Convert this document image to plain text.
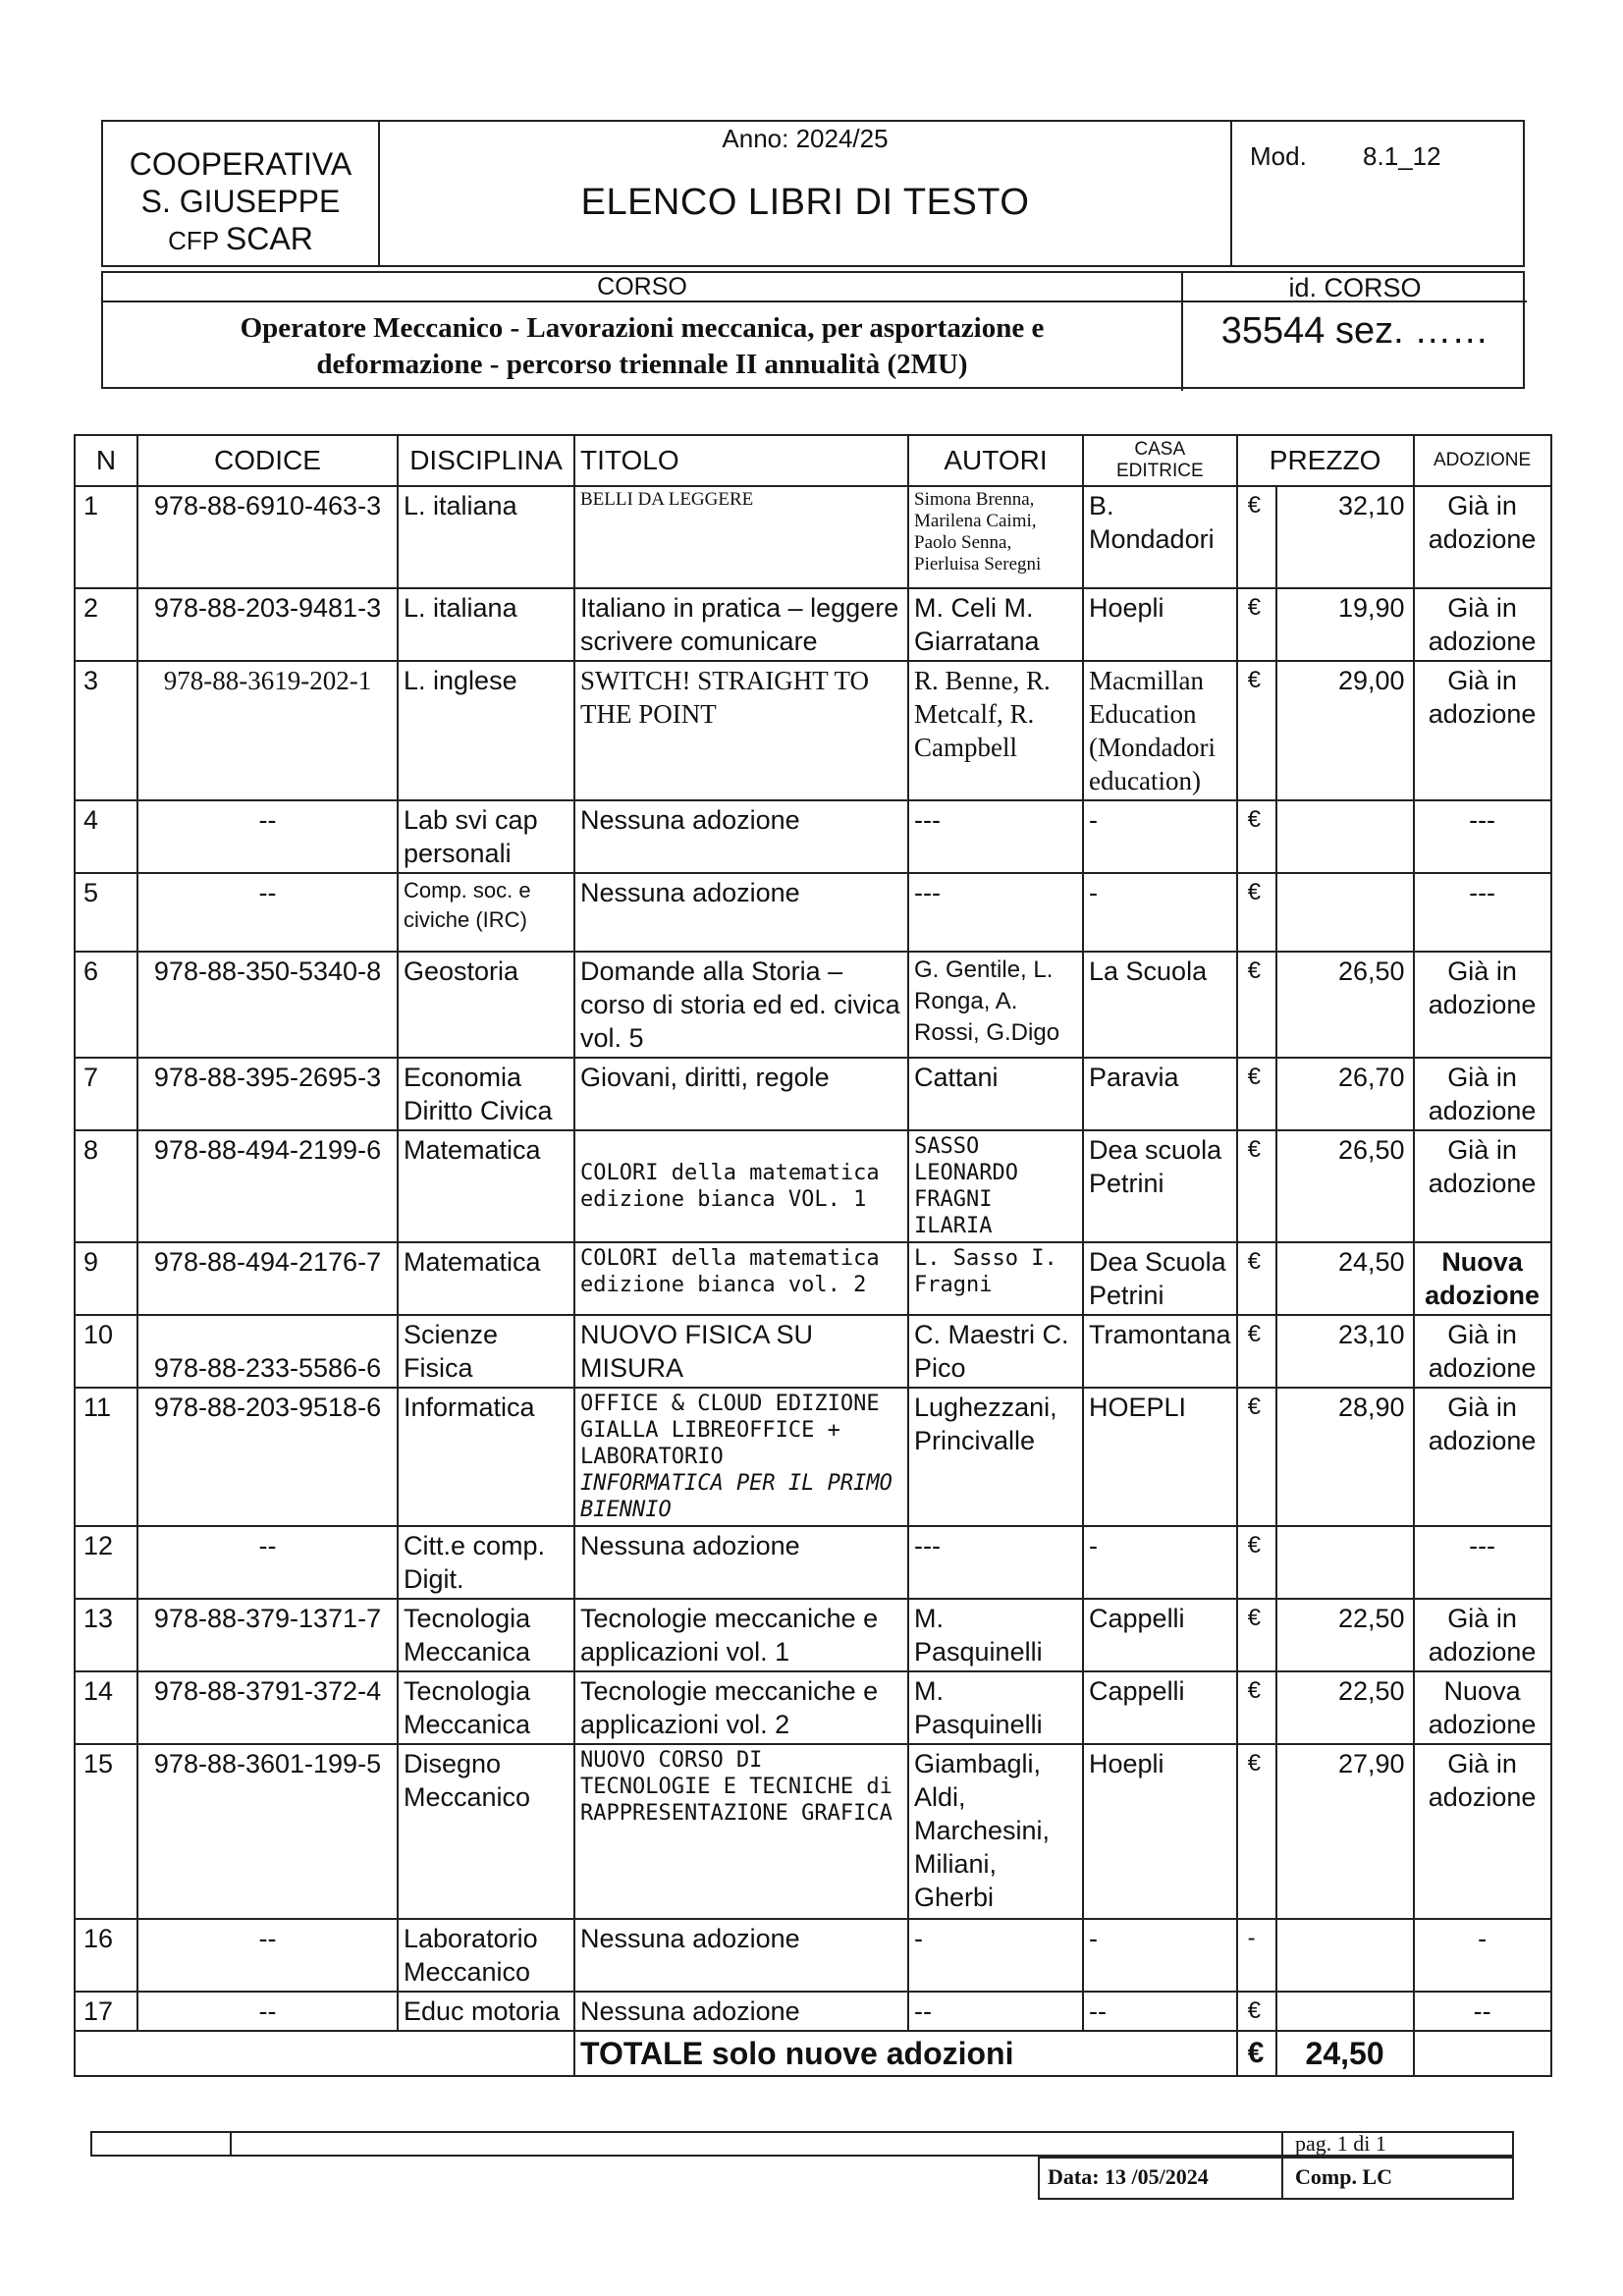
COOPERATIVA
S. GIUSEPPE
CFP SCAR
Anno: 2024/25
ELENCO LIBRI DI TESTO
Mod. 8.1_12
CORSO	id. CORSO
Operatore Meccanico - Lavorazioni meccanica, per asportazione e
deformazione - percorso triennale II annualità (2MU)
35544 sez. ……
N	CODICE	DISCIPLINA	TITOLO	AUTORI	CASA EDITRICE	PREZZO		ADOZIONE
1	978-88-6910-463-3	L. italiana	BELLI DA LEGGERE	Simona Brenna, Marilena Caimi, Paolo Senna, Pierluisa Seregni	B. Mondadori	€	32,10	Già in adozione
2	978-88-203-9481-3	L. italiana	Italiano in pratica – leggere scrivere comunicare	M. Celi M. Giarratana	Hoepli	€	19,90	Già in adozione
3	978-88-3619-202-1	L. inglese	SWITCH! STRAIGHT TO THE POINT	R. Benne, R. Metcalf, R. Campbell	Macmillan Education (Mondadori education)	€	29,00	Già in adozione
4	--	Lab svi cap personali	Nessuna adozione	---	-	€		---
5	--	Comp. soc. e civiche (IRC)	Nessuna adozione	---	-	€		---
6	978-88-350-5340-8	Geostoria	Domande alla Storia – corso di storia ed ed. civica vol. 5	G. Gentile, L. Ronga, A. Rossi, G.Digo	La Scuola	€	26,50	Già in adozione
7	978-88-395-2695-3	Economia Diritto Civica	Giovani, diritti, regole	Cattani	Paravia	€	26,70	Già in adozione
8	978-88-494-2199-6	Matematica	COLORI della matematica edizione bianca VOL. 1	SASSO LEONARDO FRAGNI ILARIA	Dea scuola Petrini	€	26,50	Già in adozione
9	978-88-494-2176-7	Matematica	COLORI della matematica edizione bianca vol. 2	L. Sasso I. Fragni	Dea Scuola Petrini	€	24,50	Nuova adozione
10	978-88-233-5586-6	Scienze Fisica	NUOVO FISICA SU MISURA	C. Maestri C. Pico	Tramontana	€	23,10	Già in adozione
11	978-88-203-9518-6	Informatica	OFFICE & CLOUD EDIZIONE GIALLA LIBREOFFICE + LABORATORIO
INFORMATICA PER IL PRIMO BIENNIO	Lughezzani, Princivalle	HOEPLI	€	28,90	Già in adozione
12	--	Citt.e comp. Digit.	Nessuna adozione	---	-	€		---
13	978-88-379-1371-7	Tecnologia Meccanica	Tecnologie meccaniche e applicazioni vol. 1	M. Pasquinelli	Cappelli	€	22,50	Già in adozione
14	978-88-3791-372-4	Tecnologia Meccanica	Tecnologie meccaniche e applicazioni vol. 2	M. Pasquinelli	Cappelli	€	22,50	Nuova adozione
15	978-88-3601-199-5	Disegno Meccanico	NUOVO CORSO DI TECNOLOGIE E TECNICHE di RAPPRESENTAZIONE GRAFICA	Giambagli, Aldi, Marchesini, Miliani, Gherbi	Hoepli	€	27,90	Già in adozione
16	--	Laboratorio Meccanico	Nessuna adozione	-	-	-		-
17	--	Educ motoria	Nessuna adozione	--	--	€		--
			TOTALE solo nuove adozioni			€	24,50	
pag. 1 di 1
Data: 13 /05/2024	Comp. LC
